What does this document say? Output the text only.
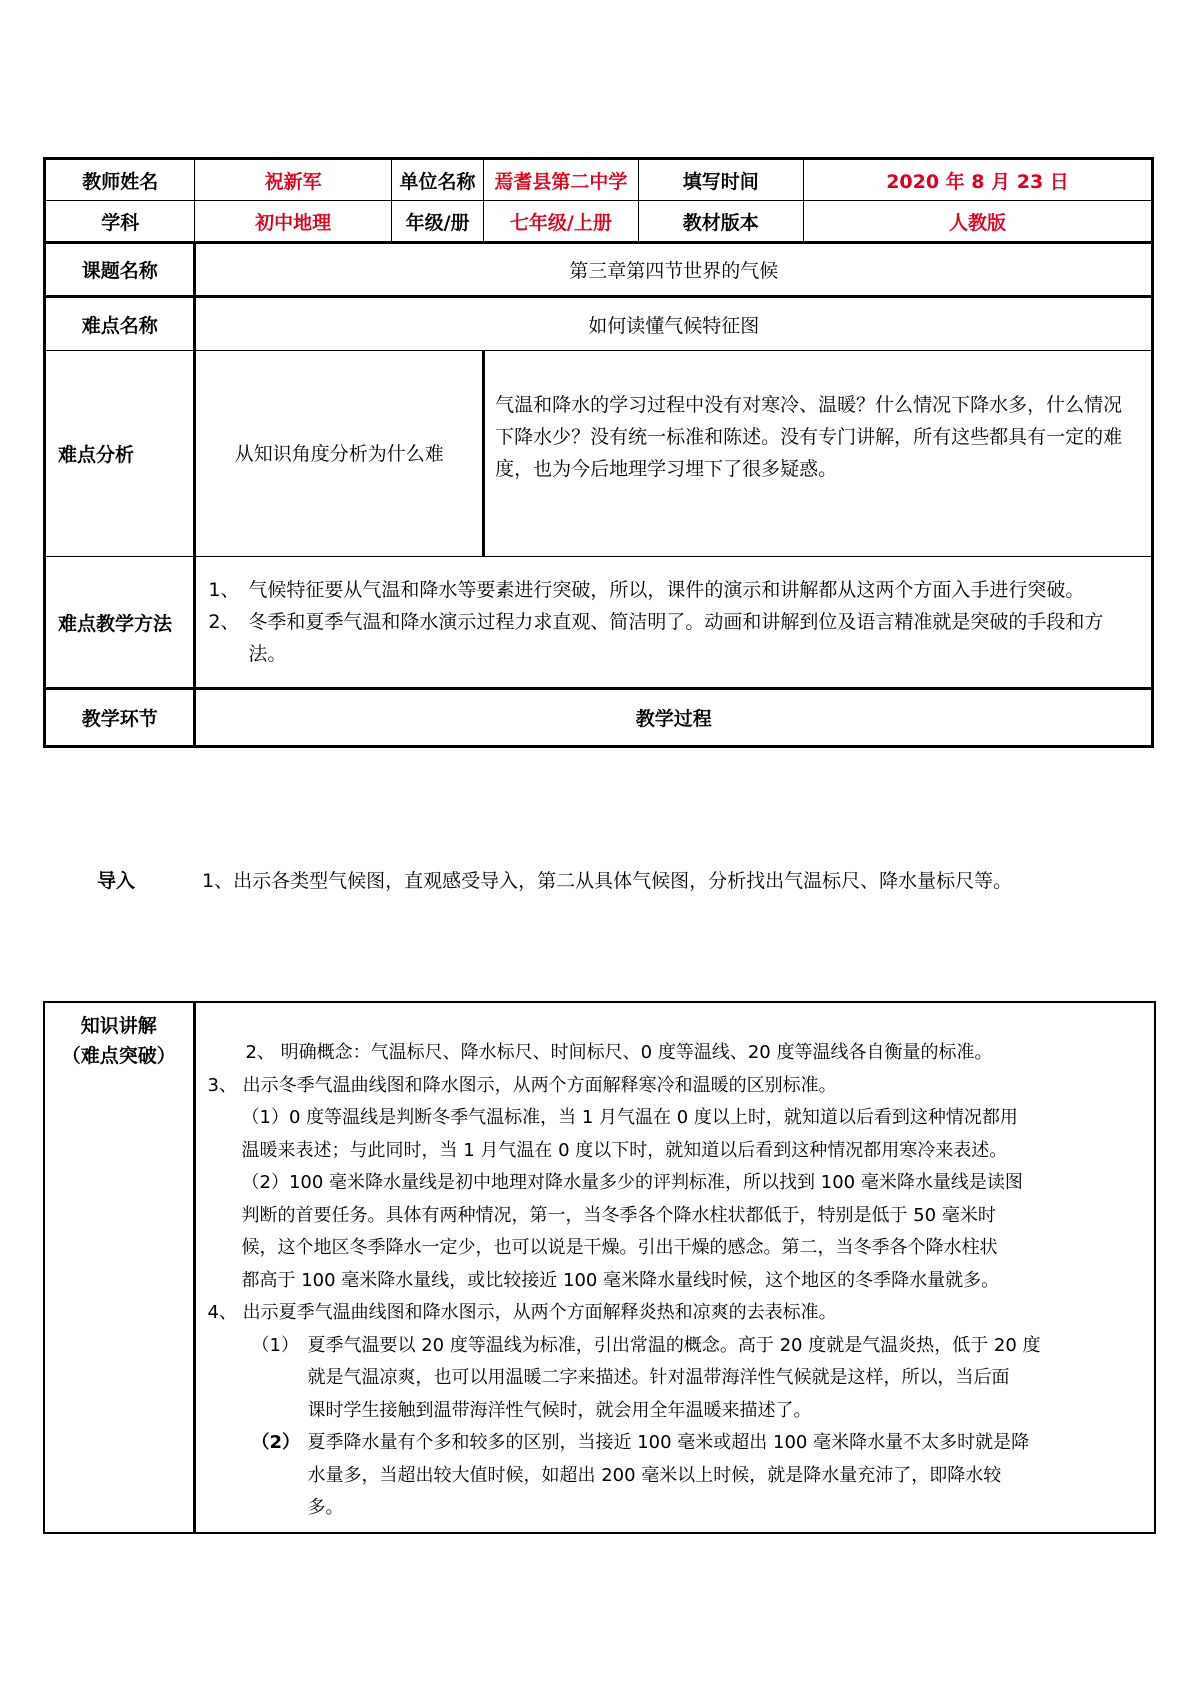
教师姓名	祝新军	单位名称	焉耆县第二中学	填写时间	2020 年 8 月 23 日
学科	初中地理	年级/册	七年级/上册	教材版本	人教版
课题名称	第三章第四节世界的气候				
难点名称	如何读懂气候特征图				
难点分析	从知识角度分析为什么难		气温和降水的学习过程中没有对寒冷、温暖？什么情况下降水多，什么情况下降水少？没有统一标准和陈述。没有专门讲解，所有这些都具有一定的难度，也为今后地理学习埋下了很多疑惑。		
难点教学方法	1、 气候特征要从气温和降水等要素进行突破，所以，课件的演示和讲解都从这两个方面入手进行突破。
2、 冬季和夏季气温和降水演示过程力求直观、简洁明了。动画和讲解到位及语言精准就是突破的手段和方法。				

教学环节	教学过程				
导入	1、出示各类型气候图，直观感受导入，第二从具体气候图，分析找出气温标尺、降水量标尺等。
知识讲解
（难点突破）	2、 明确概念：气温标尺、降水标尺、时间标尺、0 度等温线、20 度等温线各自衡量的标准。
3、 出示冬季气温曲线图和降水图示，从两个方面解释寒冷和温暖的区别标准。
（1）0 度等温线是判断冬季气温标准，当 1 月气温在 0 度以上时，就知道以后看到这种情况都用
温暖来表述；与此同时，当 1 月气温在 0 度以下时，就知道以后看到这种情况都用寒冷来表述。
（2）100 毫米降水量线是初中地理对降水量多少的评判标准，所以找到 100 毫米降水量线是读图
判断的首要任务。具体有两种情况，第一，当冬季各个降水柱状都低于，特别是低于 50 毫米时
候，这个地区冬季降水一定少，也可以说是干燥。引出干燥的感念。第二，当冬季各个降水柱状
都高于 100 毫米降水量线，或比较接近 100 毫米降水量线时候，这个地区的冬季降水量就多。
4、 出示夏季气温曲线图和降水图示，从两个方面解释炎热和凉爽的去表标准。
（1） 夏季气温要以 20 度等温线为标准，引出常温的概念。高于 20 度就是气温炎热，低于 20 度
就是气温凉爽，也可以用温暖二字来描述。针对温带海洋性气候就是这样，所以，当后面
课时学生接触到温带海洋性气候时，就会用全年温暖来描述了。
（2） 夏季降水量有个多和较多的区别，当接近 100 毫米或超出 100 毫米降水量不太多时就是降
水量多，当超出较大值时候，如超出 200 毫米以上时候，就是降水量充沛了，即降水较
多。
